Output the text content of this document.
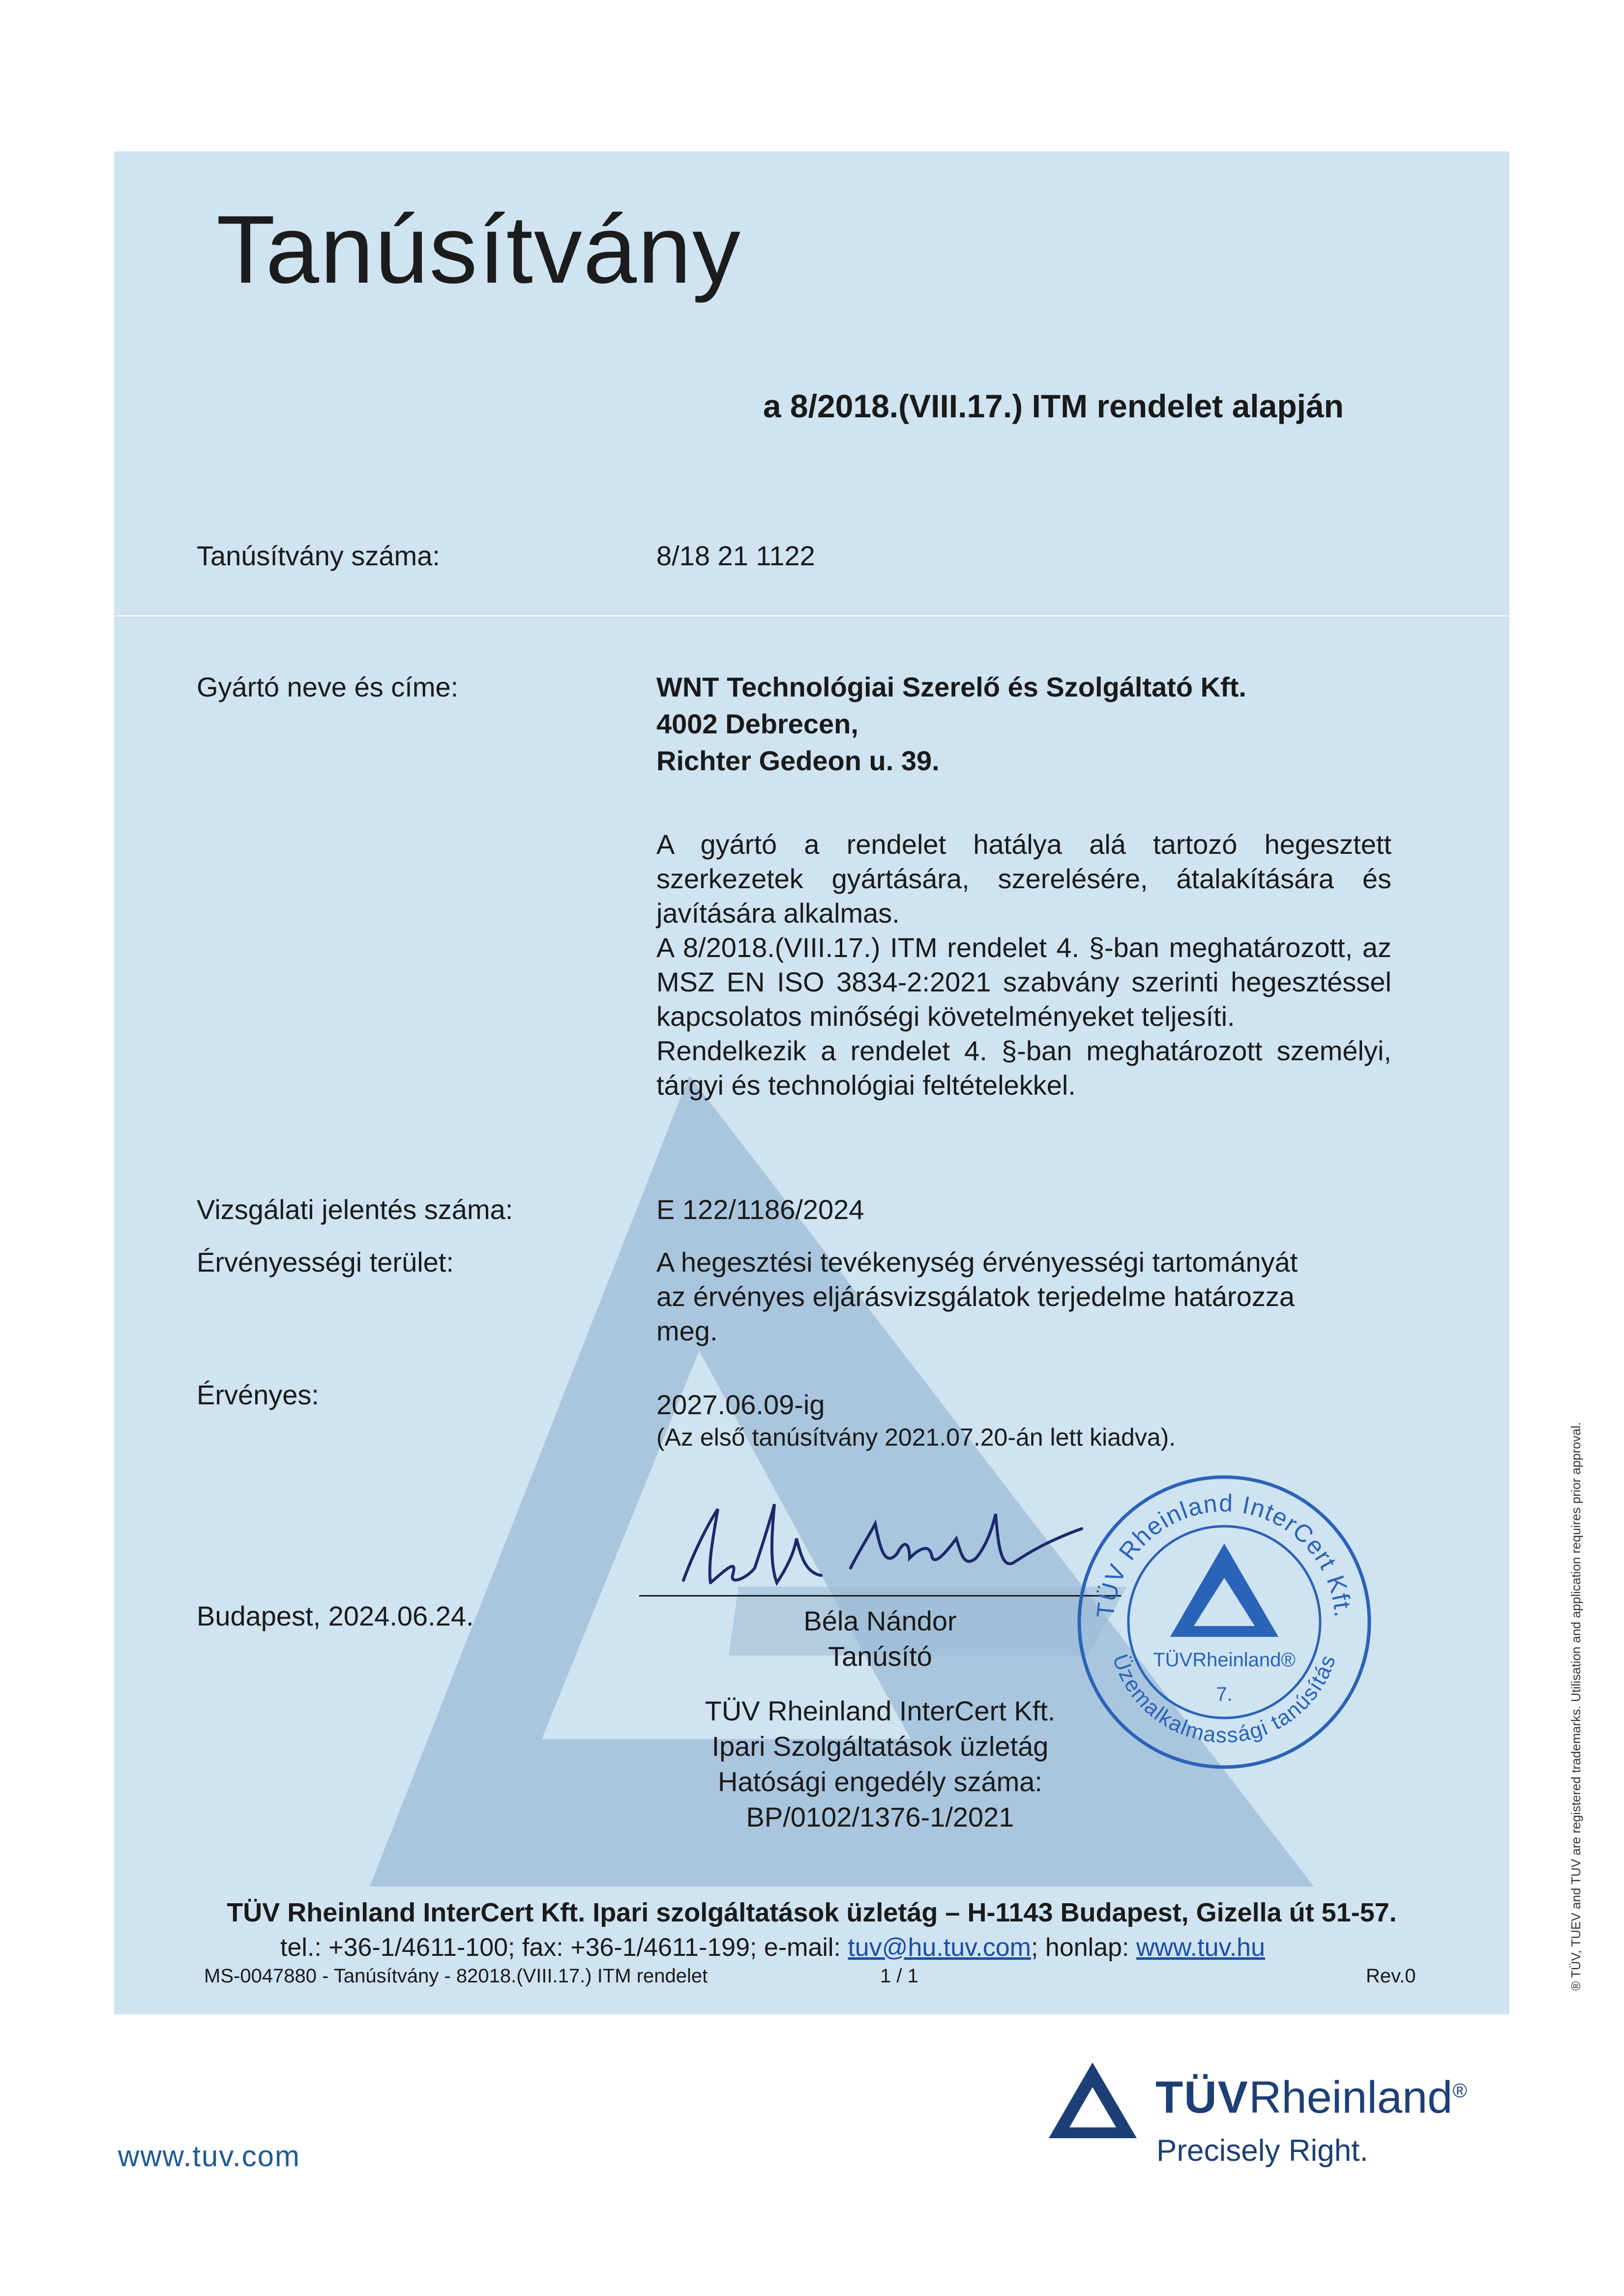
Tanúsítvány
a 8/2018.(VIII.17.) ITM rendelet alapján
Tanúsítvány száma:	8/18 21 1122
Gyártó neve és címe:	WNT Technológiai Szerelő és Szolgáltató Kft.
4002 Debrecen,
Richter Gedeon u. 39.

A gyártó a rendelet hatálya alá tartozó hegesztett szerkezetek gyártására, szerelésére, átalakítására és javítására alkalmas.

A 8/2018.(VIII.17.) ITM rendelet 4. §-ban meghatározott, az MSZ EN ISO 3834-2:2021 szabvány szerinti hegesztéssel kapcsolatos minőségi követelményeket teljesíti.

Rendelkezik a rendelet 4. §-ban meghatározott személyi, tárgyi és technológiai feltételekkel.

Vizsgálati jelentés száma:	E 122/1186/2024
Érvényességi terület:	A hegesztési tevékenység érvényességi tartományát
az érvényes eljárásvizsgálatok terjedelme határozza
meg.
Érvényes:	2027.06.09-ig
(Az első tanúsítvány 2021.07.20-án lett kiadva).
Budapest, 2024.06.24.	Béla Nándor
Tanúsító
TÜV Rheinland InterCert Kft.
Ipari Szolgáltatások üzletág
Hatósági engedély száma:
BP/0102/1376-1/2021
TÜV Rheinland InterCert Kft.
Üzemalkalmassági tanúsítás
TÜVRheinland®
7.
TÜV Rheinland InterCert Kft. Ipari szolgáltatások üzletág – H-1143 Budapest, Gizella út 51-57.
tel.: +36-1/4611-100; fax: +36-1/4611-199; e-mail: tuv@hu.tuv.com; honlap: www.tuv.hu
MS-0047880 - Tanúsítvány - 82018.(VIII.17.) ITM rendelet	1 / 1	Rev.0
www.tuv.com
TÜVRheinland®
Precisely Right.
® TÜV, TUEV and TUV are registered trademarks. Utilisation and application requires prior approval.
